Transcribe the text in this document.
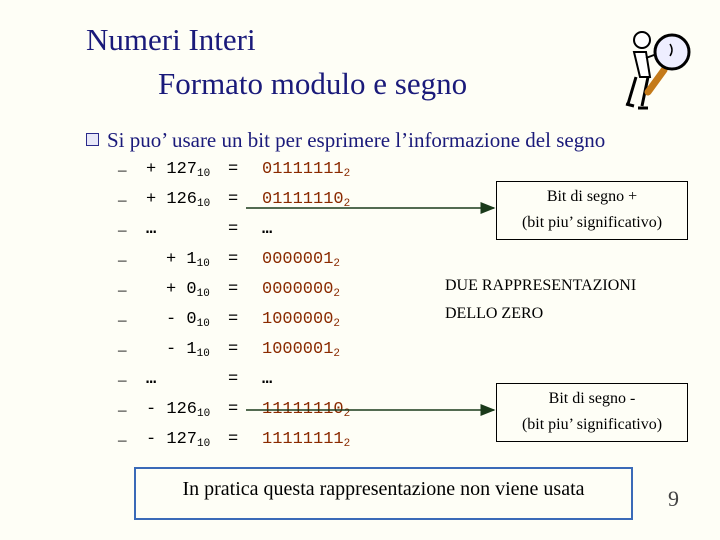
Numeri Interi
Formato modulo e segno
Si puo’ usare un bit per esprimere l’informazione del segno
– + $127_{10} = 01111111_2$
– + $126_{10} = 01111110_2$
– …	= …
– + $1_{10} = 0000001_2$
– + $0_{10} = 0000000_2$
– - $0_{10} = 1000000_2$
– - $1_{10} = 1000001_2$
– …	= …
– - $126_{10} = 11111110_2$
– - $127_{10} = 11111111_2$
Bit di segno +
(bit piu’ significativo)
DUE RAPPRESENTAZIONI
DELLO ZERO
Bit di segno -
(bit piu’ significativo)
In pratica questa rappresentazione non viene usata	9
